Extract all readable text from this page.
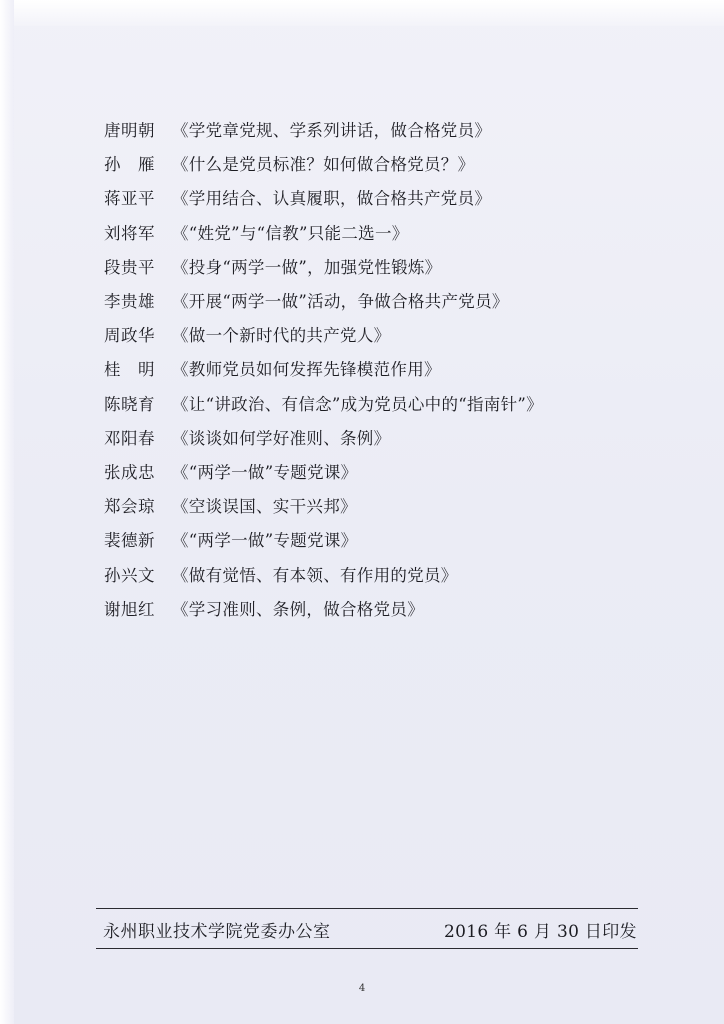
唐明朝	《学党章党规、学系列讲话，做合格党员》
孙　雁	《什么是党员标准？如何做合格党员？》
蒋亚平	《学用结合、认真履职，做合格共产党员》
刘将军	《“姓党”与“信教”只能二选一》
段贵平	《投身“两学一做”，加强党性锻炼》
李贵雄	《开展“两学一做”活动，争做合格共产党员》
周政华	《做一个新时代的共产党人》
桂　明	《教师党员如何发挥先锋模范作用》
陈晓育	《让“讲政治、有信念”成为党员心中的“指南针”》
邓阳春	《谈谈如何学好准则、条例》
张成忠	《“两学一做”专题党课》
郑会琼	《空谈误国、实干兴邦》
裴德新	《“两学一做”专题党课》
孙兴文	《做有觉悟、有本领、有作用的党员》
谢旭红	《学习准则、条例，做合格党员》
永州职业技术学院党委办公室	2016 年 6 月 30 日印发
4
